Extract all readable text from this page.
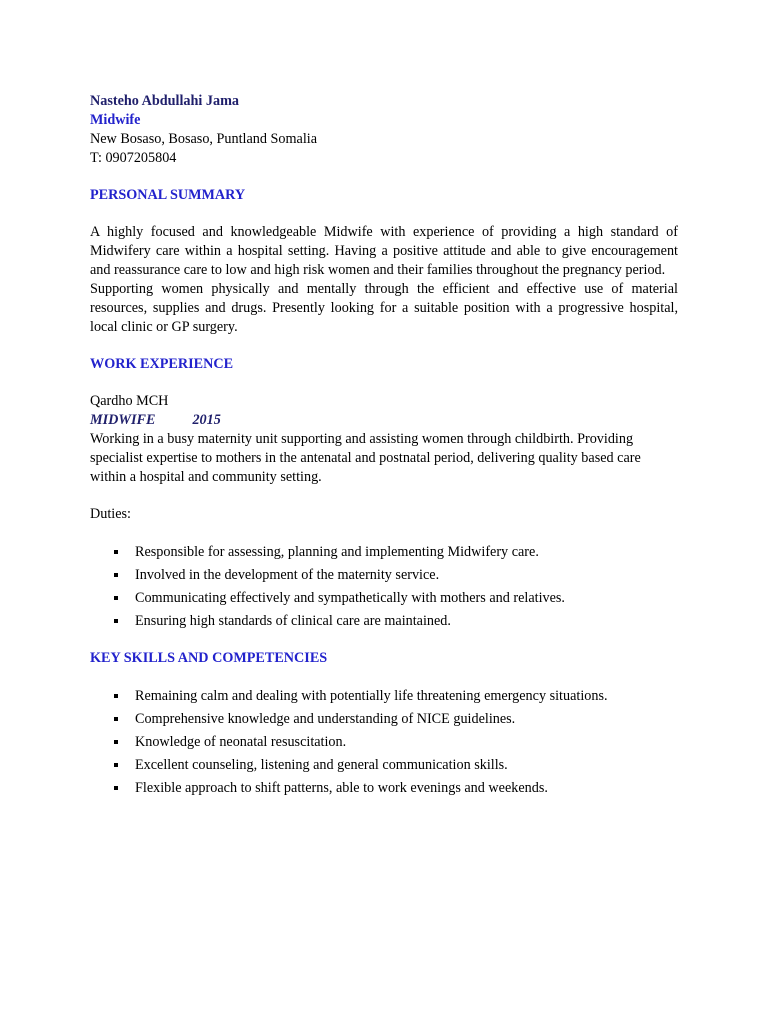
Nasteho Abdullahi Jama

Midwife

New Bosaso, Bosaso, Puntland Somalia

T: 0907205804

PERSONAL SUMMARY

A highly focused and knowledgeable Midwife with experience of providing a high standard of Midwifery care within a hospital setting. Having a positive attitude and able to give encouragement and reassurance care to low and high risk women and their families throughout the pregnancy period.

Supporting women physically and mentally through the efficient and effective use of material resources, supplies and drugs. Presently looking for a suitable position with a progressive hospital, local clinic or GP surgery.

WORK EXPERIENCE

Qardho MCH

MIDWIFE	2015

Working in a busy maternity unit supporting and assisting women through childbirth. Providing specialist expertise to mothers in the antenatal and postnatal period, delivering quality based care within a hospital and community setting.

Duties:

Responsible for assessing, planning and implementing Midwifery care.
Involved in the development of the maternity service.
Communicating effectively and sympathetically with mothers and relatives.
Ensuring high standards of clinical care are maintained.

KEY SKILLS AND COMPETENCIES

Remaining calm and dealing with potentially life threatening emergency situations.
Comprehensive knowledge and understanding of NICE guidelines.
Knowledge of neonatal resuscitation.
Excellent counseling, listening and general communication skills.
Flexible approach to shift patterns, able to work evenings and weekends.
